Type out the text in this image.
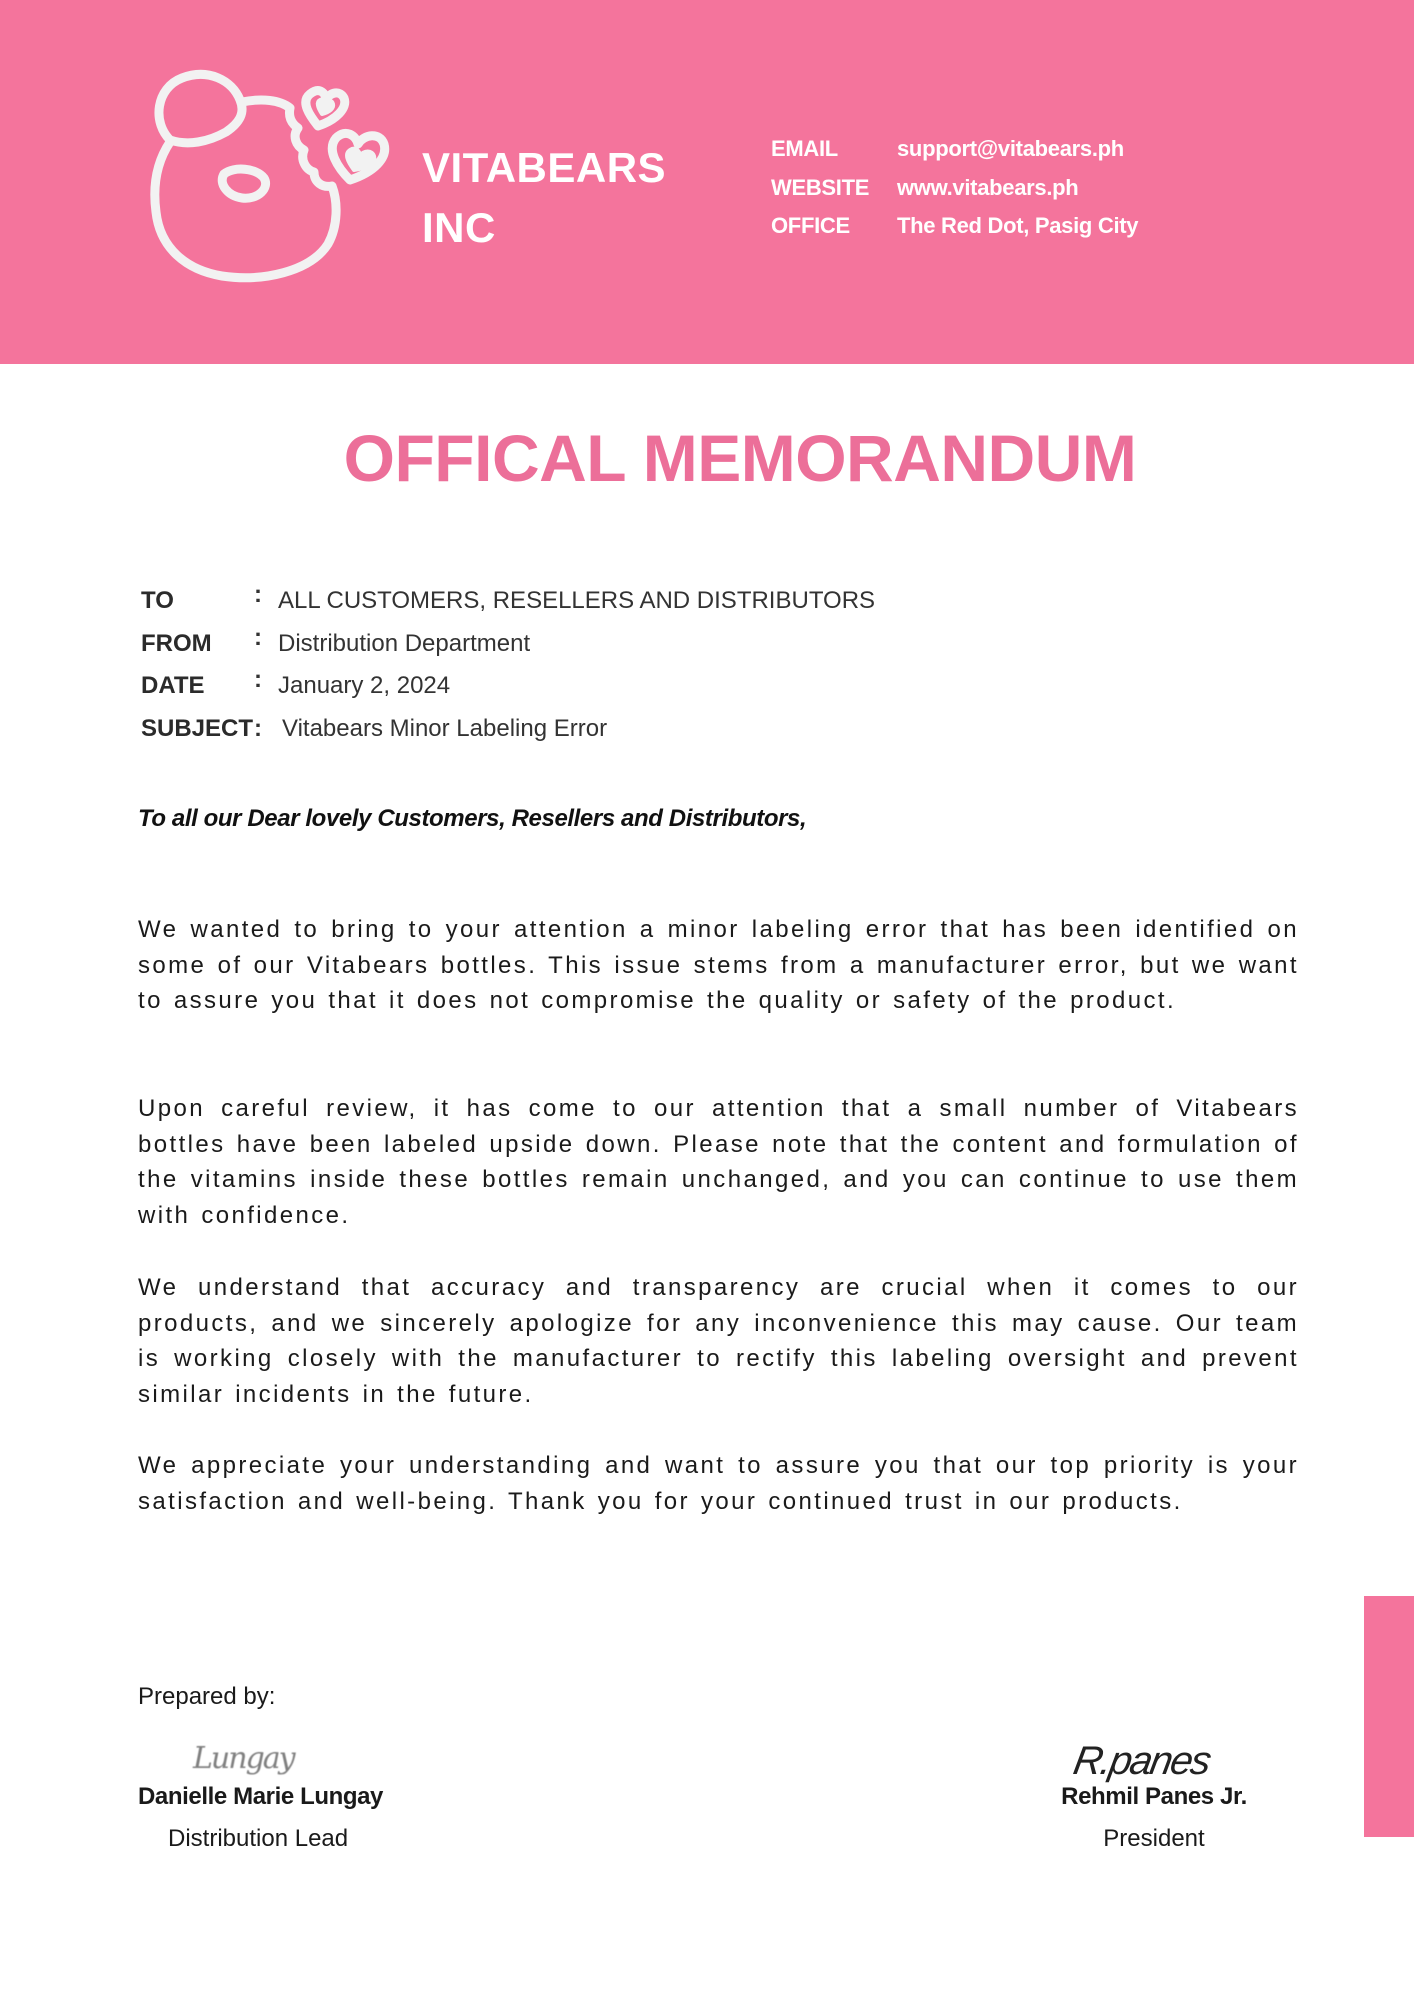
VITABEARS
INC
EMAIL	support@vitabears.ph
WEBSITE	www.vitabears.ph
OFFICE	The Red Dot, Pasig City
OFFICAL MEMORANDUM
TO	: ALL CUSTOMERS, RESELLERS AND DISTRIBUTORS
FROM	: Distribution Department
DATE	: January 2, 2024
SUBJECT : Vitabears Minor Labeling Error
To all our Dear lovely Customers, Resellers and Distributors,

We wanted to bring to your attention a minor labeling error that has been identified on some of our Vitabears bottles. This issue stems from a manufacturer error, but we want to assure you that it does not compromise the quality or safety of the product.

Upon careful review, it has come to our attention that a small number of Vitabears bottles have been labeled upside down. Please note that the content and formulation of the vitamins inside these bottles remain unchanged, and you can continue to use them with confidence.

We understand that accuracy and transparency are crucial when it comes to our products, and we sincerely apologize for any inconvenience this may cause. Our team is working closely with the manufacturer to rectify this labeling oversight and prevent similar incidents in the future.

We appreciate your understanding and want to assure you that our top priority is your satisfaction and well-being. Thank you for your continued trust in our products.

Prepared by:
Lungay
Danielle Marie Lungay
Distribution Lead
R.panes
Rehmil Panes Jr.
President
